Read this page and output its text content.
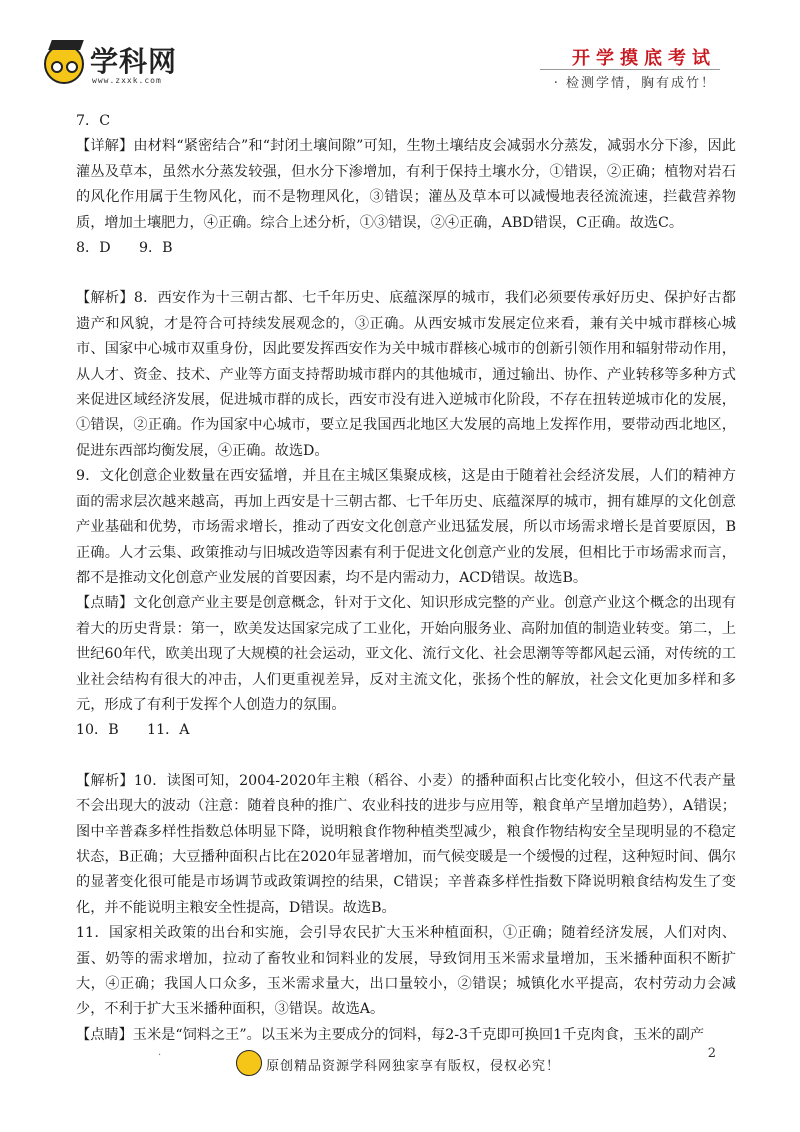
学科网
www.zxxk.com
开学摸底考试
· 检测学情，胸有成竹！

7．C

【详解】由材料“紧密结合”和“封闭土壤间隙”可知，生物土壤结皮会减弱水分蒸发，减弱水分下渗，因此灌丛及草本，虽然水分蒸发较强，但水分下渗增加，有利于保持土壤水分，①错误，②正确；植物对岩石的风化作用属于生物风化，而不是物理风化，③错误；灌丛及草本可以减慢地表径流流速，拦截营养物质，增加土壤肥力，④正确。综合上述分析，①③错误，②④正确，ABD错误，C正确。故选C。

8．D　　9．B

【解析】8．西安作为十三朝古都、七千年历史、底蕴深厚的城市，我们必须要传承好历史、保护好古都遗产和风貌，才是符合可持续发展观念的，③正确。从西安城市发展定位来看，兼有关中城市群核心城市、国家中心城市双重身份，因此要发挥西安作为关中城市群核心城市的创新引领作用和辐射带动作用，从人才、资金、技术、产业等方面支持帮助城市群内的其他城市，通过输出、协作、产业转移等多种方式来促进区域经济发展，促进城市群的成长，西安市没有进入逆城市化阶段，不存在扭转逆城市化的发展，①错误，②正确。作为国家中心城市，要立足我国西北地区大发展的高地上发挥作用，要带动西北地区，促进东西部均衡发展，④正确。故选D。

9．文化创意企业数量在西安猛增，并且在主城区集聚成核，这是由于随着社会经济发展，人们的精神方面的需求层次越来越高，再加上西安是十三朝古都、七千年历史、底蕴深厚的城市，拥有雄厚的文化创意产业基础和优势，市场需求增长，推动了西安文化创意产业迅猛发展，所以市场需求增长是首要原因，B正确。人才云集、政策推动与旧城改造等因素有利于促进文化创意产业的发展，但相比于市场需求而言，都不是推动文化创意产业发展的首要因素，均不是内需动力，ACD错误。故选B。

【点睛】文化创意产业主要是创意概念，针对于文化、知识形成完整的产业。创意产业这个概念的出现有着大的历史背景：第一，欧美发达国家完成了工业化，开始向服务业、高附加值的制造业转变。第二，上世纪60年代，欧美出现了大规模的社会运动，亚文化、流行文化、社会思潮等等都风起云涌，对传统的工业社会结构有很大的冲击，人们更重视差异，反对主流文化，张扬个性的解放，社会文化更加多样和多元，形成了有利于发挥个人创造力的氛围。

10．B　　11．A

【解析】10．读图可知，2004-2020年主粮（稻谷、小麦）的播种面积占比变化较小，但这不代表产量不会出现大的波动（注意：随着良种的推广、农业科技的进步与应用等，粮食单产呈增加趋势），A错误；图中辛普森多样性指数总体明显下降，说明粮食作物种植类型减少，粮食作物结构安全呈现明显的不稳定状态，B正确；大豆播种面积占比在2020年显著增加，而气候变暖是一个缓慢的过程，这种短时间、偶尔的显著变化很可能是市场调节或政策调控的结果，C错误；辛普森多样性指数下降说明粮食结构发生了变化，并不能说明主粮安全性提高，D错误。故选B。

11．国家相关政策的出台和实施，会引导农民扩大玉米种植面积，①正确；随着经济发展，人们对肉、蛋、奶等的需求增加，拉动了畜牧业和饲料业的发展，导致饲用玉米需求量增加，玉米播种面积不断扩大，④正确；我国人口众多，玉米需求量大，出口量较小，②错误；城镇化水平提高，农村劳动力会减少，不利于扩大玉米播种面积，③错误。故选A。

【点睛】玉米是“饲料之王”。以玉米为主要成分的饲料，每2-3千克即可换回1千克肉食，玉米的副产

·
原创精品资源学科网独家享有版权，侵权必究！
2
